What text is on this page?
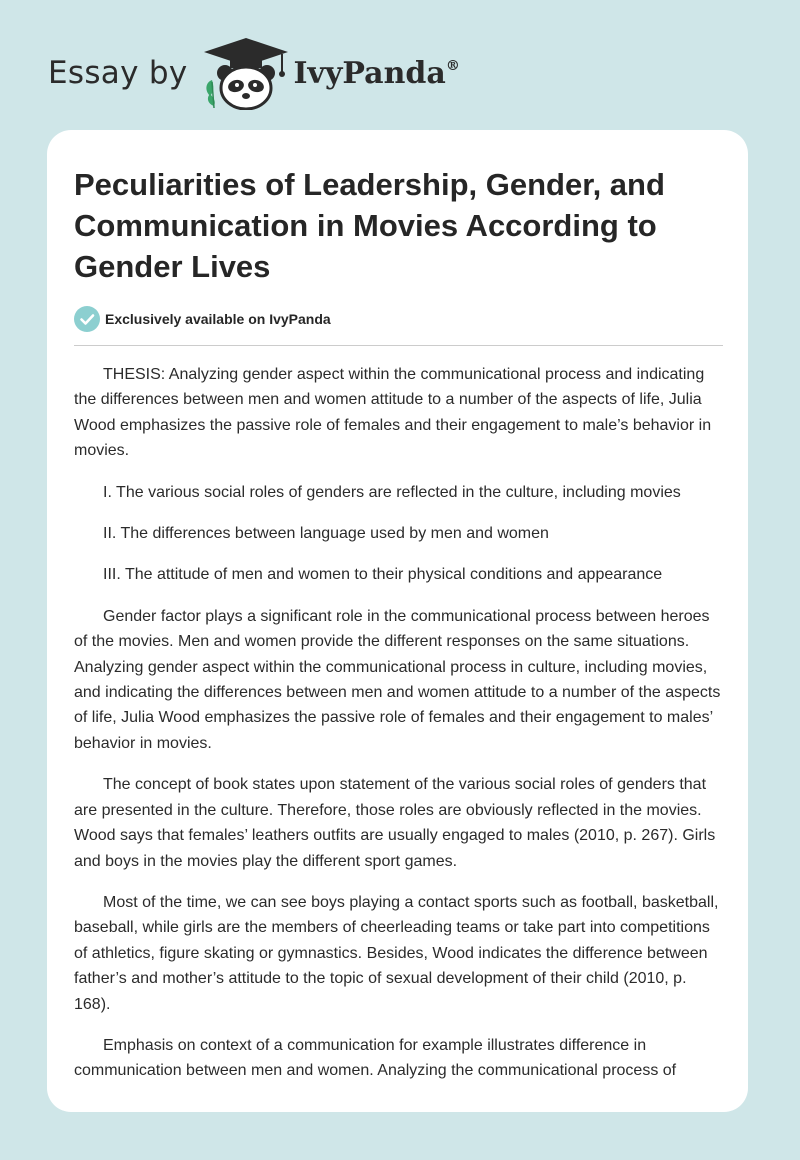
Essay by	IvyPanda®
Peculiarities of Leadership, Gender, and Communication in Movies According to Gender Lives
Exclusively available on IvyPanda

THESIS: Analyzing gender aspect within the communicational process and indicating the differences between men and women attitude to a number of the aspects of life, Julia Wood emphasizes the passive role of females and their engagement to male’s behavior in movies.

I. The various social roles of genders are reflected in the culture, including movies

II. The differences between language used by men and women

III. The attitude of men and women to their physical conditions and appearance

Gender factor plays a significant role in the communicational process between heroes of the movies. Men and women provide the different responses on the same situations. Analyzing gender aspect within the communicational process in culture, including movies, and indicating the differences between men and women attitude to a number of the aspects of life, Julia Wood emphasizes the passive role of females and their engagement to males’ behavior in movies.

The concept of book states upon statement of the various social roles of genders that are presented in the culture. Therefore, those roles are obviously reflected in the movies. Wood says that females’ leathers outfits are usually engaged to males (2010, p. 267). Girls and boys in the movies play the different sport games.

Most of the time, we can see boys playing a contact sports such as football, basketball, baseball, while girls are the members of cheerleading teams or take part into competitions of athletics, figure skating or gymnastics. Besides, Wood indicates the difference between father’s and mother’s attitude to the topic of sexual development of their child (2010, p. 168).

Emphasis on context of a communication for example illustrates difference in communication between men and women. Analyzing the communicational process of
